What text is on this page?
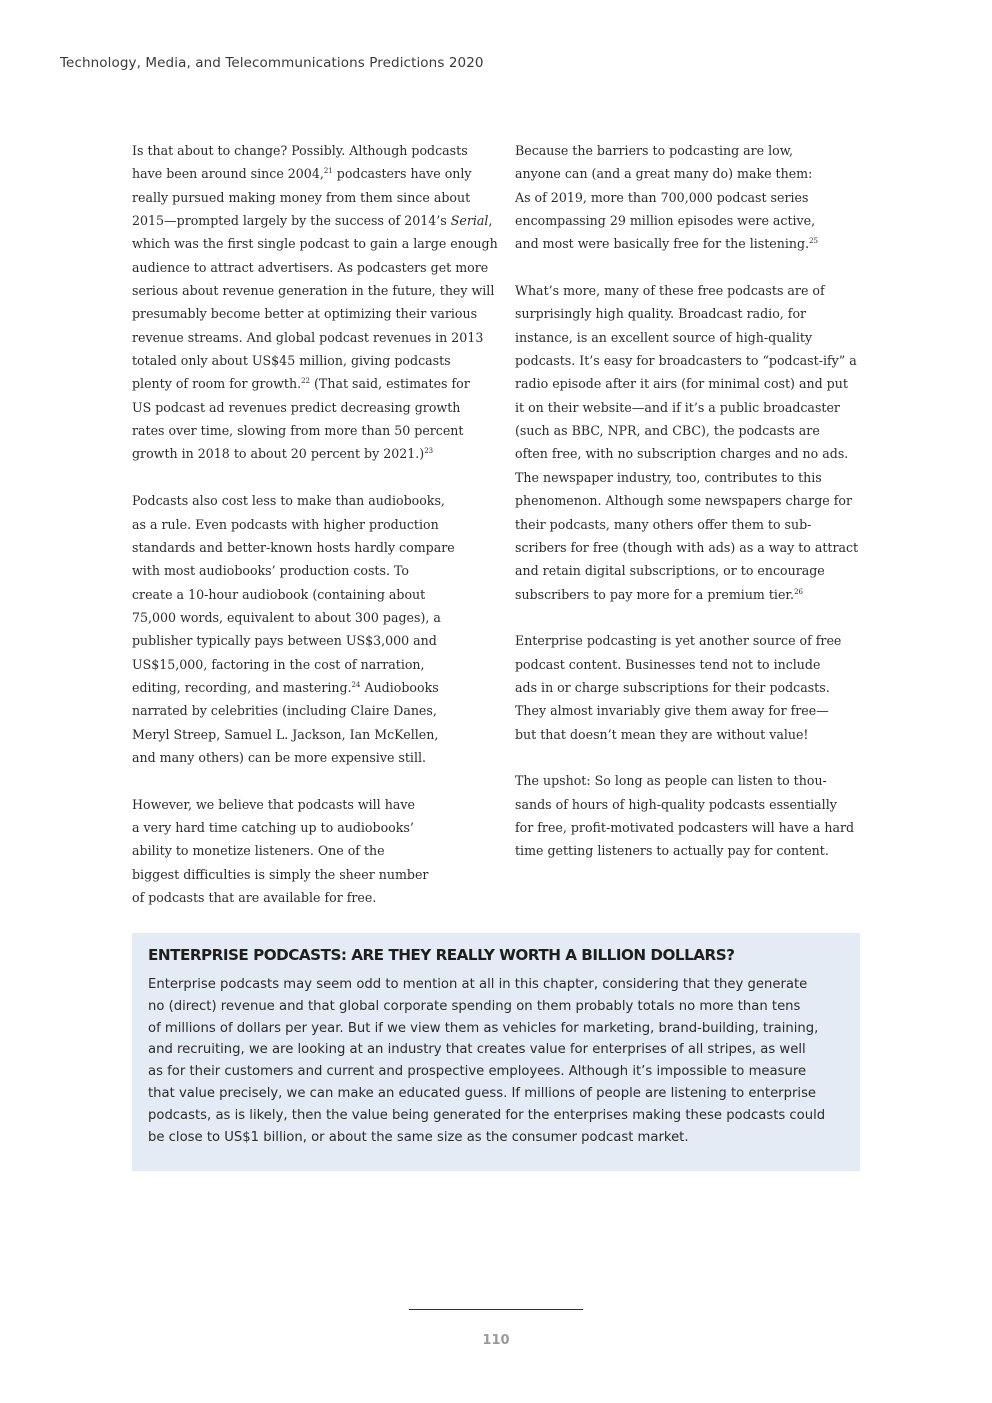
Technology, Media, and Telecommunications Predictions 2020

Is that about to change? Possibly. Although podcasts
have been around since 2004,21 podcasters have only
really pursued making money from them since about
2015—prompted largely by the success of 2014’s Serial,
which was the first single podcast to gain a large enough
audience to attract advertisers. As podcasters get more
serious about revenue generation in the future, they will
presumably become better at optimizing their various
revenue streams. And global podcast revenues in 2013
totaled only about US$45 million, giving podcasts
plenty of room for growth.$^{22}$ (That said, estimates for
US podcast ad revenues predict decreasing growth
rates over time, slowing from more than 50 percent
growth in 2018 to about 20 percent by 2021.)$^{23}$

Podcasts also cost less to make than audiobooks,
as a rule. Even podcasts with higher production
standards and better-known hosts hardly compare
with most audiobooks’ production costs. To
create a 10-hour audiobook (containing about
75,000 words, equivalent to about 300 pages), a
publisher typically pays between US$3,000 and
US$15,000, factoring in the cost of narration,
editing, recording, and mastering.$^{24}$ Audiobooks
narrated by celebrities (including Claire Danes,
Meryl Streep, Samuel L. Jackson, Ian McKellen,
and many others) can be more expensive still.

However, we believe that podcasts will have
a very hard time catching up to audiobooks’
ability to monetize listeners. One of the
biggest difficulties is simply the sheer number
of podcasts that are available for free.

Because the barriers to podcasting are low,
anyone can (and a great many do) make them:
As of 2019, more than 700,000 podcast series
encompassing 29 million episodes were active,
and most were basically free for the listening.$^{25}$

What’s more, many of these free podcasts are of
surprisingly high quality. Broadcast radio, for
instance, is an excellent source of high-quality
podcasts. It’s easy for broadcasters to “podcast-ify” a
radio episode after it airs (for minimal cost) and put
it on their website—and if it’s a public broadcaster
(such as BBC, NPR, and CBC), the podcasts are
often free, with no subscription charges and no ads.
The newspaper industry, too, contributes to this
phenomenon. Although some newspapers charge for
their podcasts, many others offer them to sub-
scribers for free (though with ads) as a way to attract
and retain digital subscriptions, or to encourage
subscribers to pay more for a premium tier.$^{26}$

Enterprise podcasting is yet another source of free
podcast content. Businesses tend not to include
ads in or charge subscriptions for their podcasts.
They almost invariably give them away for free—
but that doesn’t mean they are without value!

The upshot: So long as people can listen to thou-
sands of hours of high-quality podcasts essentially
for free, profit-motivated podcasters will have a hard
time getting listeners to actually pay for content.

ENTERPRISE PODCASTS: ARE THEY REALLY WORTH A BILLION DOLLARS?
Enterprise podcasts may seem odd to mention at all in this chapter, considering that they generate
no (direct) revenue and that global corporate spending on them probably totals no more than tens
of millions of dollars per year. But if we view them as vehicles for marketing, brand-building, training,
and recruiting, we are looking at an industry that creates value for enterprises of all stripes, as well
as for their customers and current and prospective employees. Although it’s impossible to measure
that value precisely, we can make an educated guess. If millions of people are listening to enterprise
podcasts, as is likely, then the value being generated for the enterprises making these podcasts could
be close to US$1 billion, or about the same size as the consumer podcast market.
110
